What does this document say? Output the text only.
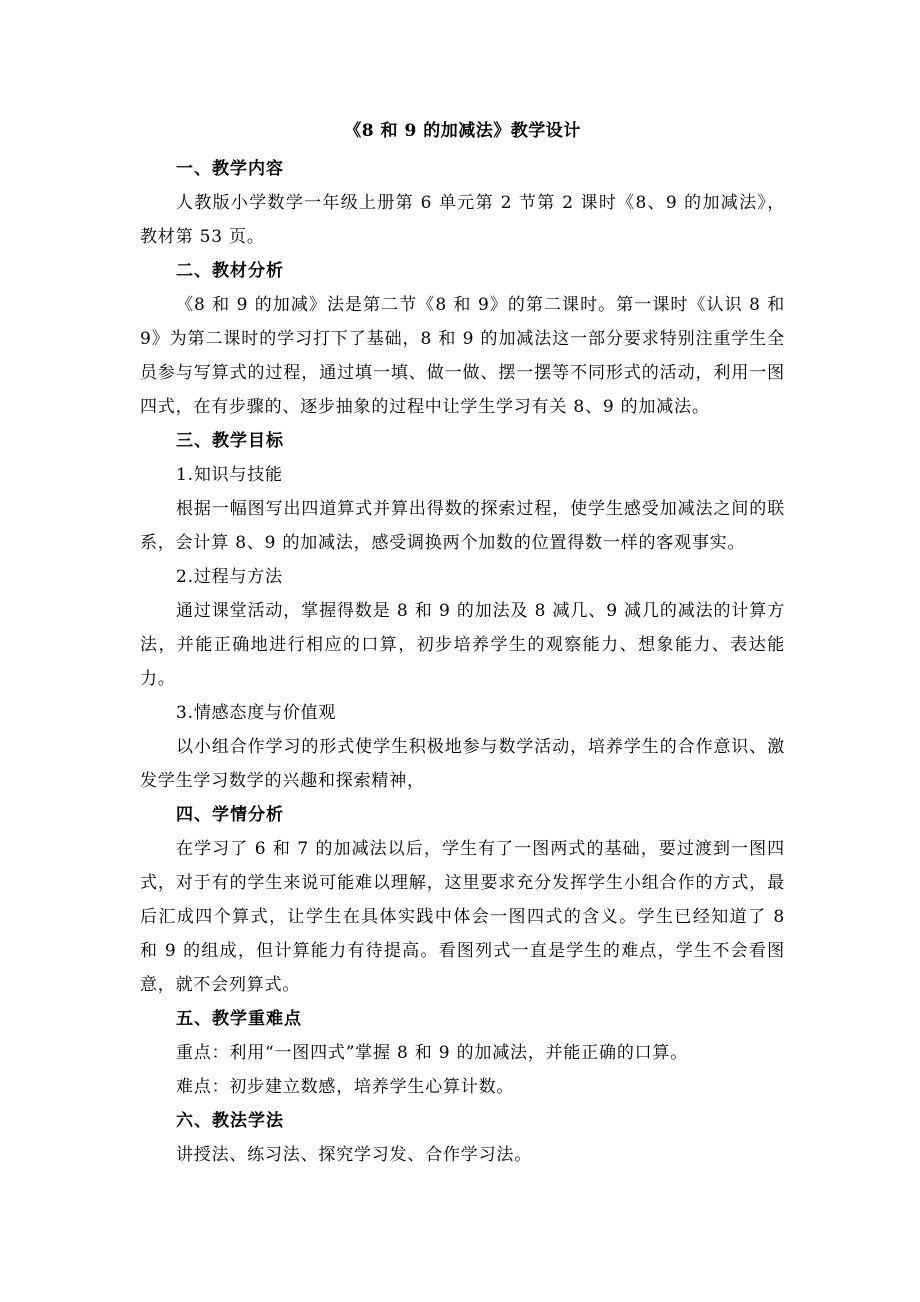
《8 和 9 的加减法》教学设计

一、教学内容

人教版小学数学一年级上册第 6 单元第 2 节第 2 课时《8、9 的加减法》，教材第 53 页。

二、教材分析

《8 和 9 的加减》法是第二节《8 和 9》的第二课时。第一课时《认识 8 和 9》为第二课时的学习打下了基础，8 和 9 的加减法这一部分要求特别注重学生全员参与写算式的过程，通过填一填、做一做、摆一摆等不同形式的活动，利用一图四式，在有步骤的、逐步抽象的过程中让学生学习有关 8、9 的加减法。

三、教学目标

1.知识与技能

根据一幅图写出四道算式并算出得数的探索过程，使学生感受加减法之间的联系，会计算 8、9 的加减法，感受调换两个加数的位置得数一样的客观事实。

2.过程与方法

通过课堂活动，掌握得数是 8 和 9 的加法及 8 减几、9 减几的减法的计算方法，并能正确地进行相应的口算，初步培养学生的观察能力、想象能力、表达能力。

3.情感态度与价值观

以小组合作学习的形式使学生积极地参与数学活动，培养学生的合作意识、激发学生学习数学的兴趣和探索精神，

四、学情分析

在学习了 6 和 7 的加减法以后，学生有了一图两式的基础，要过渡到一图四式，对于有的学生来说可能难以理解，这里要求充分发挥学生小组合作的方式，最后汇成四个算式，让学生在具体实践中体会一图四式的含义。学生已经知道了 8 和 9 的组成，但计算能力有待提高。看图列式一直是学生的难点，学生不会看图意，就不会列算式。

五、教学重难点

重点：利用“一图四式”掌握 8 和 9 的加减法，并能正确的口算。

难点：初步建立数感，培养学生心算计数。

六、教法学法

讲授法、练习法、探究学习发、合作学习法。
